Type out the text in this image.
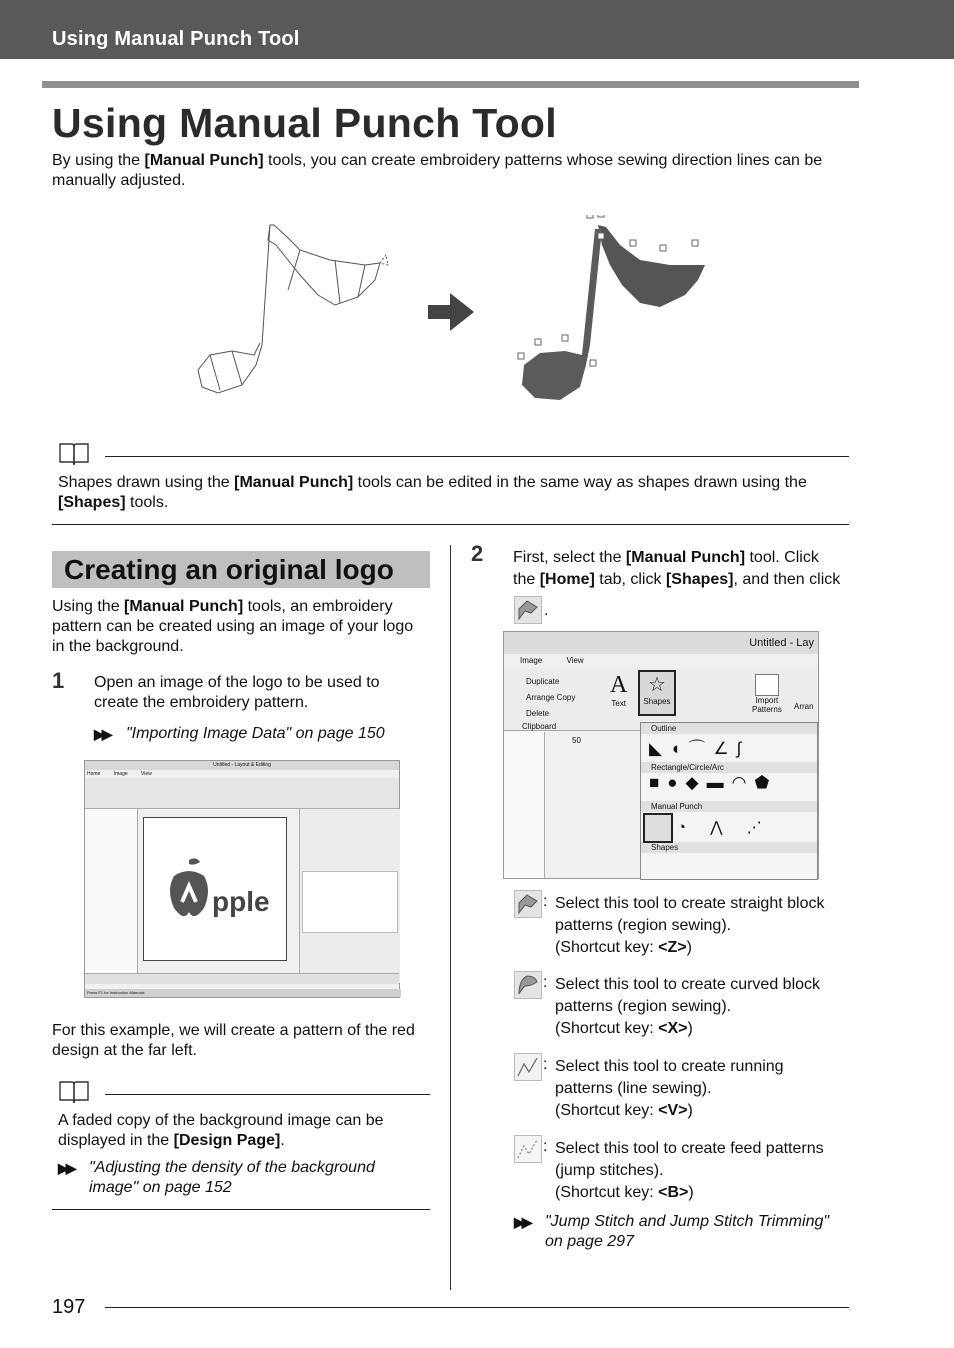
Using Manual Punch Tool
Using Manual Punch Tool
By using the [Manual Punch] tools, you can create embroidery patterns whose sewing direction lines can be
manually adjusted.
Shapes drawn using the [Manual Punch] tools can be edited in the same way as shapes drawn using the
[Shapes] tools.
Creating an original logo
Using the [Manual Punch] tools, an embroidery
pattern can be created using an image of your logo
in the background.
1 Open an image of the logo to be used to
create the embroidery pattern.
▶▶ "Importing Image Data" on page 150
Untitled - Layout & Editing
Home	Image	View
pple
Press F1 for Instruction Manuals
For this example, we will create a pattern of the red
design at the far left.
A faded copy of the background image can be
displayed in the [Design Page].
▶▶ "Adjusting the density of the background
image" on page 152
2 First, select the [Manual Punch] tool. Click
the [Home] tab, click [Shapes], and then click
.
Untitled - Lay
Image	View
Duplicate
Arrange Copy
Delete
Clipboard
A
Text
☆
Shapes	Import
Patterns Arran
50
Outline
◣◖⌒∠∫
Rectangle/Circle/Arc
■●◆▬◠⬟
Manual Punch
◔ ⋀ ⋰
Shapes
: Select this tool to create straight block
patterns (region sewing).
(Shortcut key: <Z>)
: Select this tool to create curved block
patterns (region sewing).
(Shortcut key: <X>)
: Select this tool to create running
patterns (line sewing).
(Shortcut key: <V>)
: Select this tool to create feed patterns
(jump stitches).
(Shortcut key: <B>)
▶▶ "Jump Stitch and Jump Stitch Trimming"
on page 297
197
